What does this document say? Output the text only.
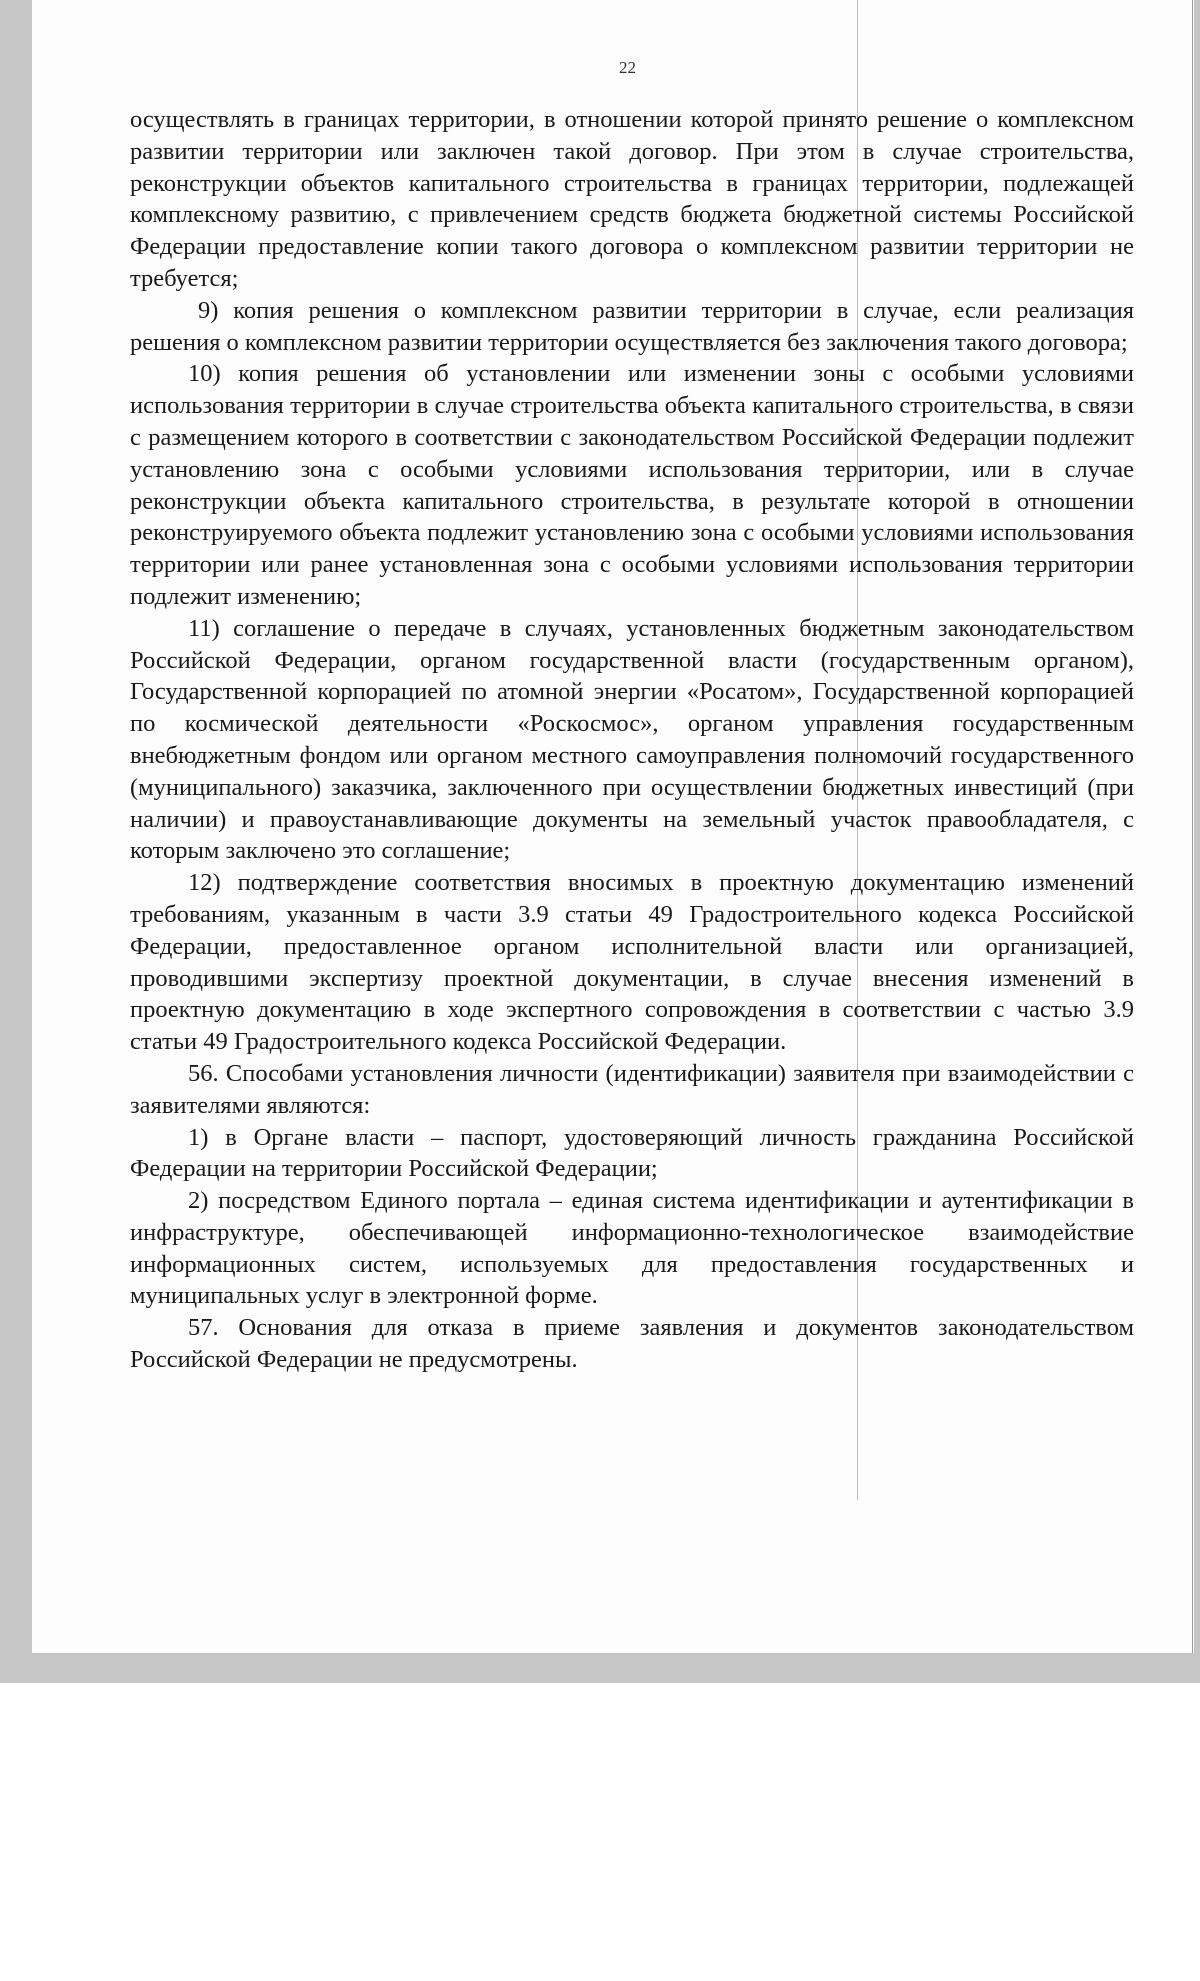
22

осуществлять в границах территории, в отношении которой принято решение о комплексном развитии территории или заключен такой договор. При этом в случае строительства, реконструкции объектов капитального строительства в границах территории, подлежащей комплексному развитию, с привлечением средств бюджета бюджетной системы Российской Федерации предоставление копии такого договора о комплексном развитии территории не требуется;

9) копия решения о комплексном развитии территории в случае, если реализация решения о комплексном развитии территории осуществляется без заключения такого договора;

10) копия решения об установлении или изменении зоны с особыми условиями использования территории в случае строительства объекта капитального строительства, в связи с размещением которого в соответствии с законодательством Российской Федерации подлежит установлению зона с особыми условиями использования территории, или в случае реконструкции объекта капитального строительства, в результате которой в отношении реконструируемого объекта подлежит установлению зона с особыми условиями использования территории или ранее установленная зона с особыми условиями использования территории подлежит изменению;

11) соглашение о передаче в случаях, установленных бюджетным законодательством Российской Федерации, органом государственной власти (государственным органом), Государственной корпорацией по атомной энергии «Росатом», Государственной корпорацией по космической деятельности «Роскосмос», органом управления государственным внебюджетным фондом или органом местного самоуправления полномочий государственного (муниципального) заказчика, заключенного при осуществлении бюджетных инвестиций (при наличии) и правоустанавливающие документы на земельный участок правообладателя, с которым заключено это соглашение;

12) подтверждение соответствия вносимых в проектную документацию изменений требованиям, указанным в части 3.9 статьи 49 Градостроительного кодекса Российской Федерации, предоставленное органом исполнительной власти или организацией, проводившими экспертизу проектной документации, в случае внесения изменений в проектную документацию в ходе экспертного сопровождения в соответствии с частью 3.9 статьи 49 Градостроительного кодекса Российской Федерации.

56. Способами установления личности (идентификации) заявителя при взаимодействии с заявителями являются:

1) в Органе власти – паспорт, удостоверяющий личность гражданина Российской Федерации на территории Российской Федерации;

2) посредством Единого портала – единая система идентификации и аутентификации в инфраструктуре, обеспечивающей информационно-технологическое взаимодействие информационных систем, используемых для предоставления государственных и муниципальных услуг в электронной форме.

57. Основания для отказа в приеме заявления и документов законодательством Российской Федерации не предусмотрены.
